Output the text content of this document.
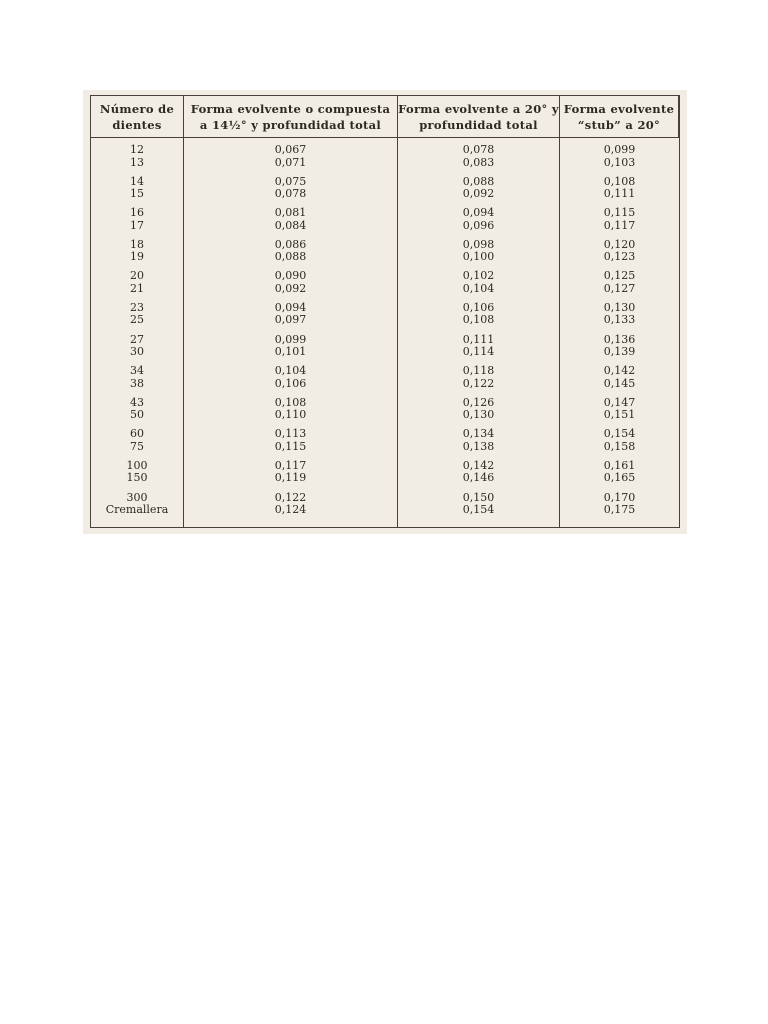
Número de
dientes
Forma evolvente o compuesta
a 14½° y profundidad total
Forma evolvente a 20° y
profundidad total
Forma evolvente
“stub” a 20°
12
13
14
15
16
17
18
19
20
21
23
25
27
30
34
38
43
50
60
75
100
150
300
Cremallera
0,067
0,071
0,075
0,078
0,081
0,084
0,086
0,088
0,090
0,092
0,094
0,097
0,099
0,101
0,104
0,106
0,108
0,110
0,113
0,115
0,117
0,119
0,122
0,124
0,078
0,083
0,088
0,092
0,094
0,096
0,098
0,100
0,102
0,104
0,106
0,108
0,111
0,114
0,118
0,122
0,126
0,130
0,134
0,138
0,142
0,146
0,150
0,154
0,099
0,103
0,108
0,111
0,115
0,117
0,120
0,123
0,125
0,127
0,130
0,133
0,136
0,139
0,142
0,145
0,147
0,151
0,154
0,158
0,161
0,165
0,170
0,175
